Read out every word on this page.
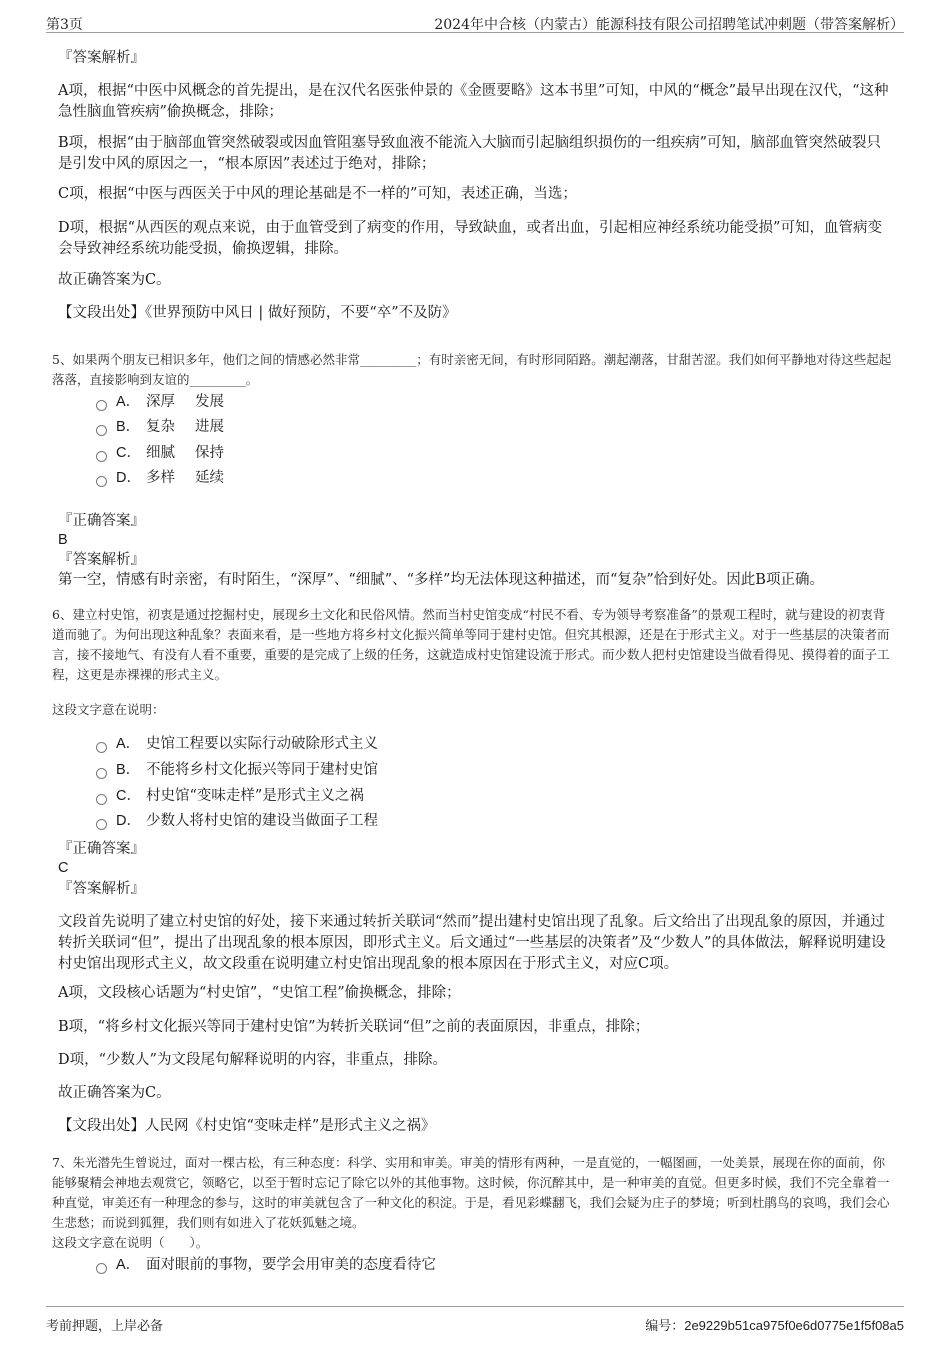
第3页	2024年中合核（内蒙古）能源科技有限公司招聘笔试冲刺题（带答案解析）
『答案解析』
A项，根据“中医中风概念的首先提出，是在汉代名医张仲景的《金匮要略》这本书里”可知，中风的“概念”最早出现在汉代，“这种急性脑血管疾病”偷换概念，排除；
B项，根据“由于脑部血管突然破裂或因血管阻塞导致血液不能流入大脑而引起脑组织损伤的一组疾病”可知，脑部血管突然破裂只是引发中风的原因之一，“根本原因”表述过于绝对，排除；
C项，根据“中医与西医关于中风的理论基础是不一样的”可知，表述正确，当选；
D项，根据“从西医的观点来说，由于血管受到了病变的作用，导致缺血，或者出血，引起相应神经系统功能受损”可知，血管病变会导致神经系统功能受损，偷换逻辑，排除。
故正确答案为C。
【文段出处】《世界预防中风日 | 做好预防，不要“卒”不及防》
5、如果两个朋友已相识多年，他们之间的情感必然非常_________；有时亲密无间，有时形同陌路。潮起潮落，甘甜苦涩。我们如何平静地对待这些起起落落，直接影响到友谊的_________。
A． 深厚 发展
B． 复杂 进展
C． 细腻 保持
D． 多样 延续
『正确答案』
B
『答案解析』
第一空，情感有时亲密，有时陌生，“深厚”、“细腻”、“多样”均无法体现这种描述，而“复杂”恰到好处。因此B项正确。
6、建立村史馆，初衷是通过挖掘村史，展现乡土文化和民俗风情。然而当村史馆变成“村民不看、专为领导考察准备”的景观工程时，就与建设的初衷背道而驰了。为何出现这种乱象？表面来看，是一些地方将乡村文化振兴简单等同于建村史馆。但究其根源，还是在于形式主义。对于一些基层的决策者而言，接不接地气、有没有人看不重要，重要的是完成了上级的任务，这就造成村史馆建设流于形式。而少数人把村史馆建设当做看得见、摸得着的面子工程，这更是赤裸裸的形式主义。
这段文字意在说明：
A． 史馆工程要以实际行动破除形式主义
B． 不能将乡村文化振兴等同于建村史馆
C． 村史馆“变味走样”是形式主义之祸
D． 少数人将村史馆的建设当做面子工程
『正确答案』
C
『答案解析』
文段首先说明了建立村史馆的好处，接下来通过转折关联词“然而”提出建村史馆出现了乱象。后文给出了出现乱象的原因，并通过转折关联词“但”，提出了出现乱象的根本原因，即形式主义。后文通过“一些基层的决策者”及“少数人”的具体做法，解释说明建设村史馆出现形式主义，故文段重在说明建立村史馆出现乱象的根本原因在于形式主义，对应C项。
A项，文段核心话题为“村史馆”，“史馆工程”偷换概念，排除；
B项，“将乡村文化振兴等同于建村史馆”为转折关联词“但”之前的表面原因，非重点，排除；
D项，“少数人”为文段尾句解释说明的内容，非重点，排除。
故正确答案为C。
【文段出处】人民网《村史馆“变味走样”是形式主义之祸》
7、朱光潜先生曾说过，面对一棵古松，有三种态度：科学、实用和审美。审美的情形有两种，一是直觉的，一幅图画，一处美景，展现在你的面前，你能够聚精会神地去观赏它，领略它，以至于暂时忘记了除它以外的其他事物。这时候，你沉醉其中，是一种审美的直觉。但更多时候，我们不完全靠着一种直觉，审美还有一种理念的参与，这时的审美就包含了一种文化的积淀。于是，看见彩蝶翻飞，我们会疑为庄子的梦境；听到杜鹃鸟的哀鸣，我们会心生悲愁；而说到狐狸，我们则有如进入了花妖狐魅之境。
这段文字意在说明（　　）。
A． 面对眼前的事物，要学会用审美的态度看待它
考前押题，上岸必备	编号：2e9229b51ca975f0e6d0775e1f5f08a5
